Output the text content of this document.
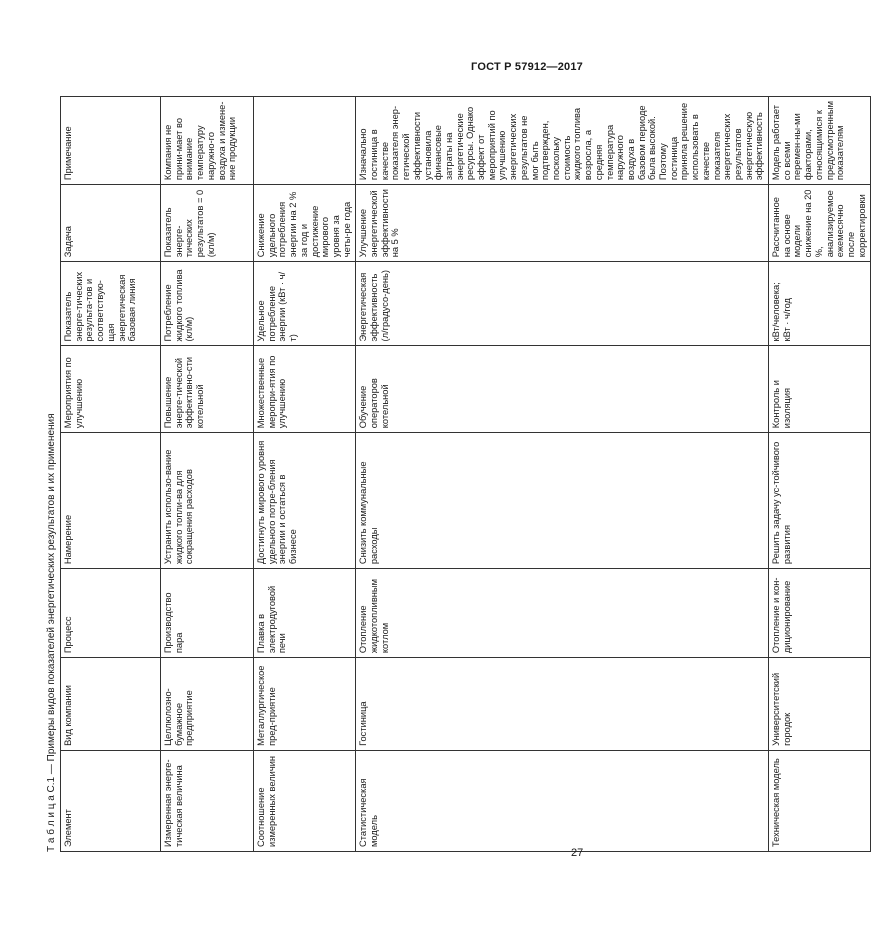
ГОСТ Р 57912—2017
Т а б л и ц а С.1 — Примеры видов показателей энергетических результатов и их применения Элемент	Вид компании	Процесс	Намерение	Мероприятия по улучшению	Показатель энерге-тических результа-тов и соответствую-щая энергетическая базовая линия	Задача	Примечание
Измеренная энерге-тическая величина	Целлюлозно-бумажное предприятие	Производство пара	Устранить использо-вание жидкого топли-ва для сокращения расходов	Повышение энерге-тической эффективно-сти котельной	Потребление жидкого топлива (кл/м)	Показатель энерге-тических результатов = 0 (кл/м)	Компания не прини-мает во внимание температуру наружно-го воздуха и измене-ние продукции
Соотношение измеренных величин	Металлургическое пред-приятие	Плавка в электродуговой печи	Достигнуть мирового уровня удельного потре-бления энергии и остаться в бизнесе	Множественные меропри-ятия по улучшению	Удельное потребление энергии (кВт · ч/т)	Снижение удельного потребления энергии на 2 % за год и достижение мирового уровня за четы-ре года	
Статистическая модель	Гостиница	Отопление жидкотопливным котлом	Снизить коммунальные расходы	Обучение операторов котельной	Энергетическая эффективность (л/градусо-день)	Улучшение энергетической эффективности на 5 %	Изначально гостиница в качестве показателя энер-гетической эффективности установила финансовые затраты на энергетические ресурсы. Однако эффект от мероприятий по улучшению энергетических результатов не мог быть подтвержден, поскольку стоимость жидкого топлива возросла, а средняя температура наружного воздуха в базовом периоде была высокой. Поэтому гостиница приняла решение использовать в качестве показателя энергетических результатов энергетическую эффективность
Техническая модель	Университетский городок	Отопление и кон-диционирование	Решить задачу ус-тойчивого развития	Контроль и изоляция	кВт/человека; кВт · ч/год	Рассчитанное на основе модели снижение на 20 %, анализируемое ежемесячно после корректировки	Модель работает со всеми перемен-ны-ми факторами, относящимися к предусмотренным показателям
27
